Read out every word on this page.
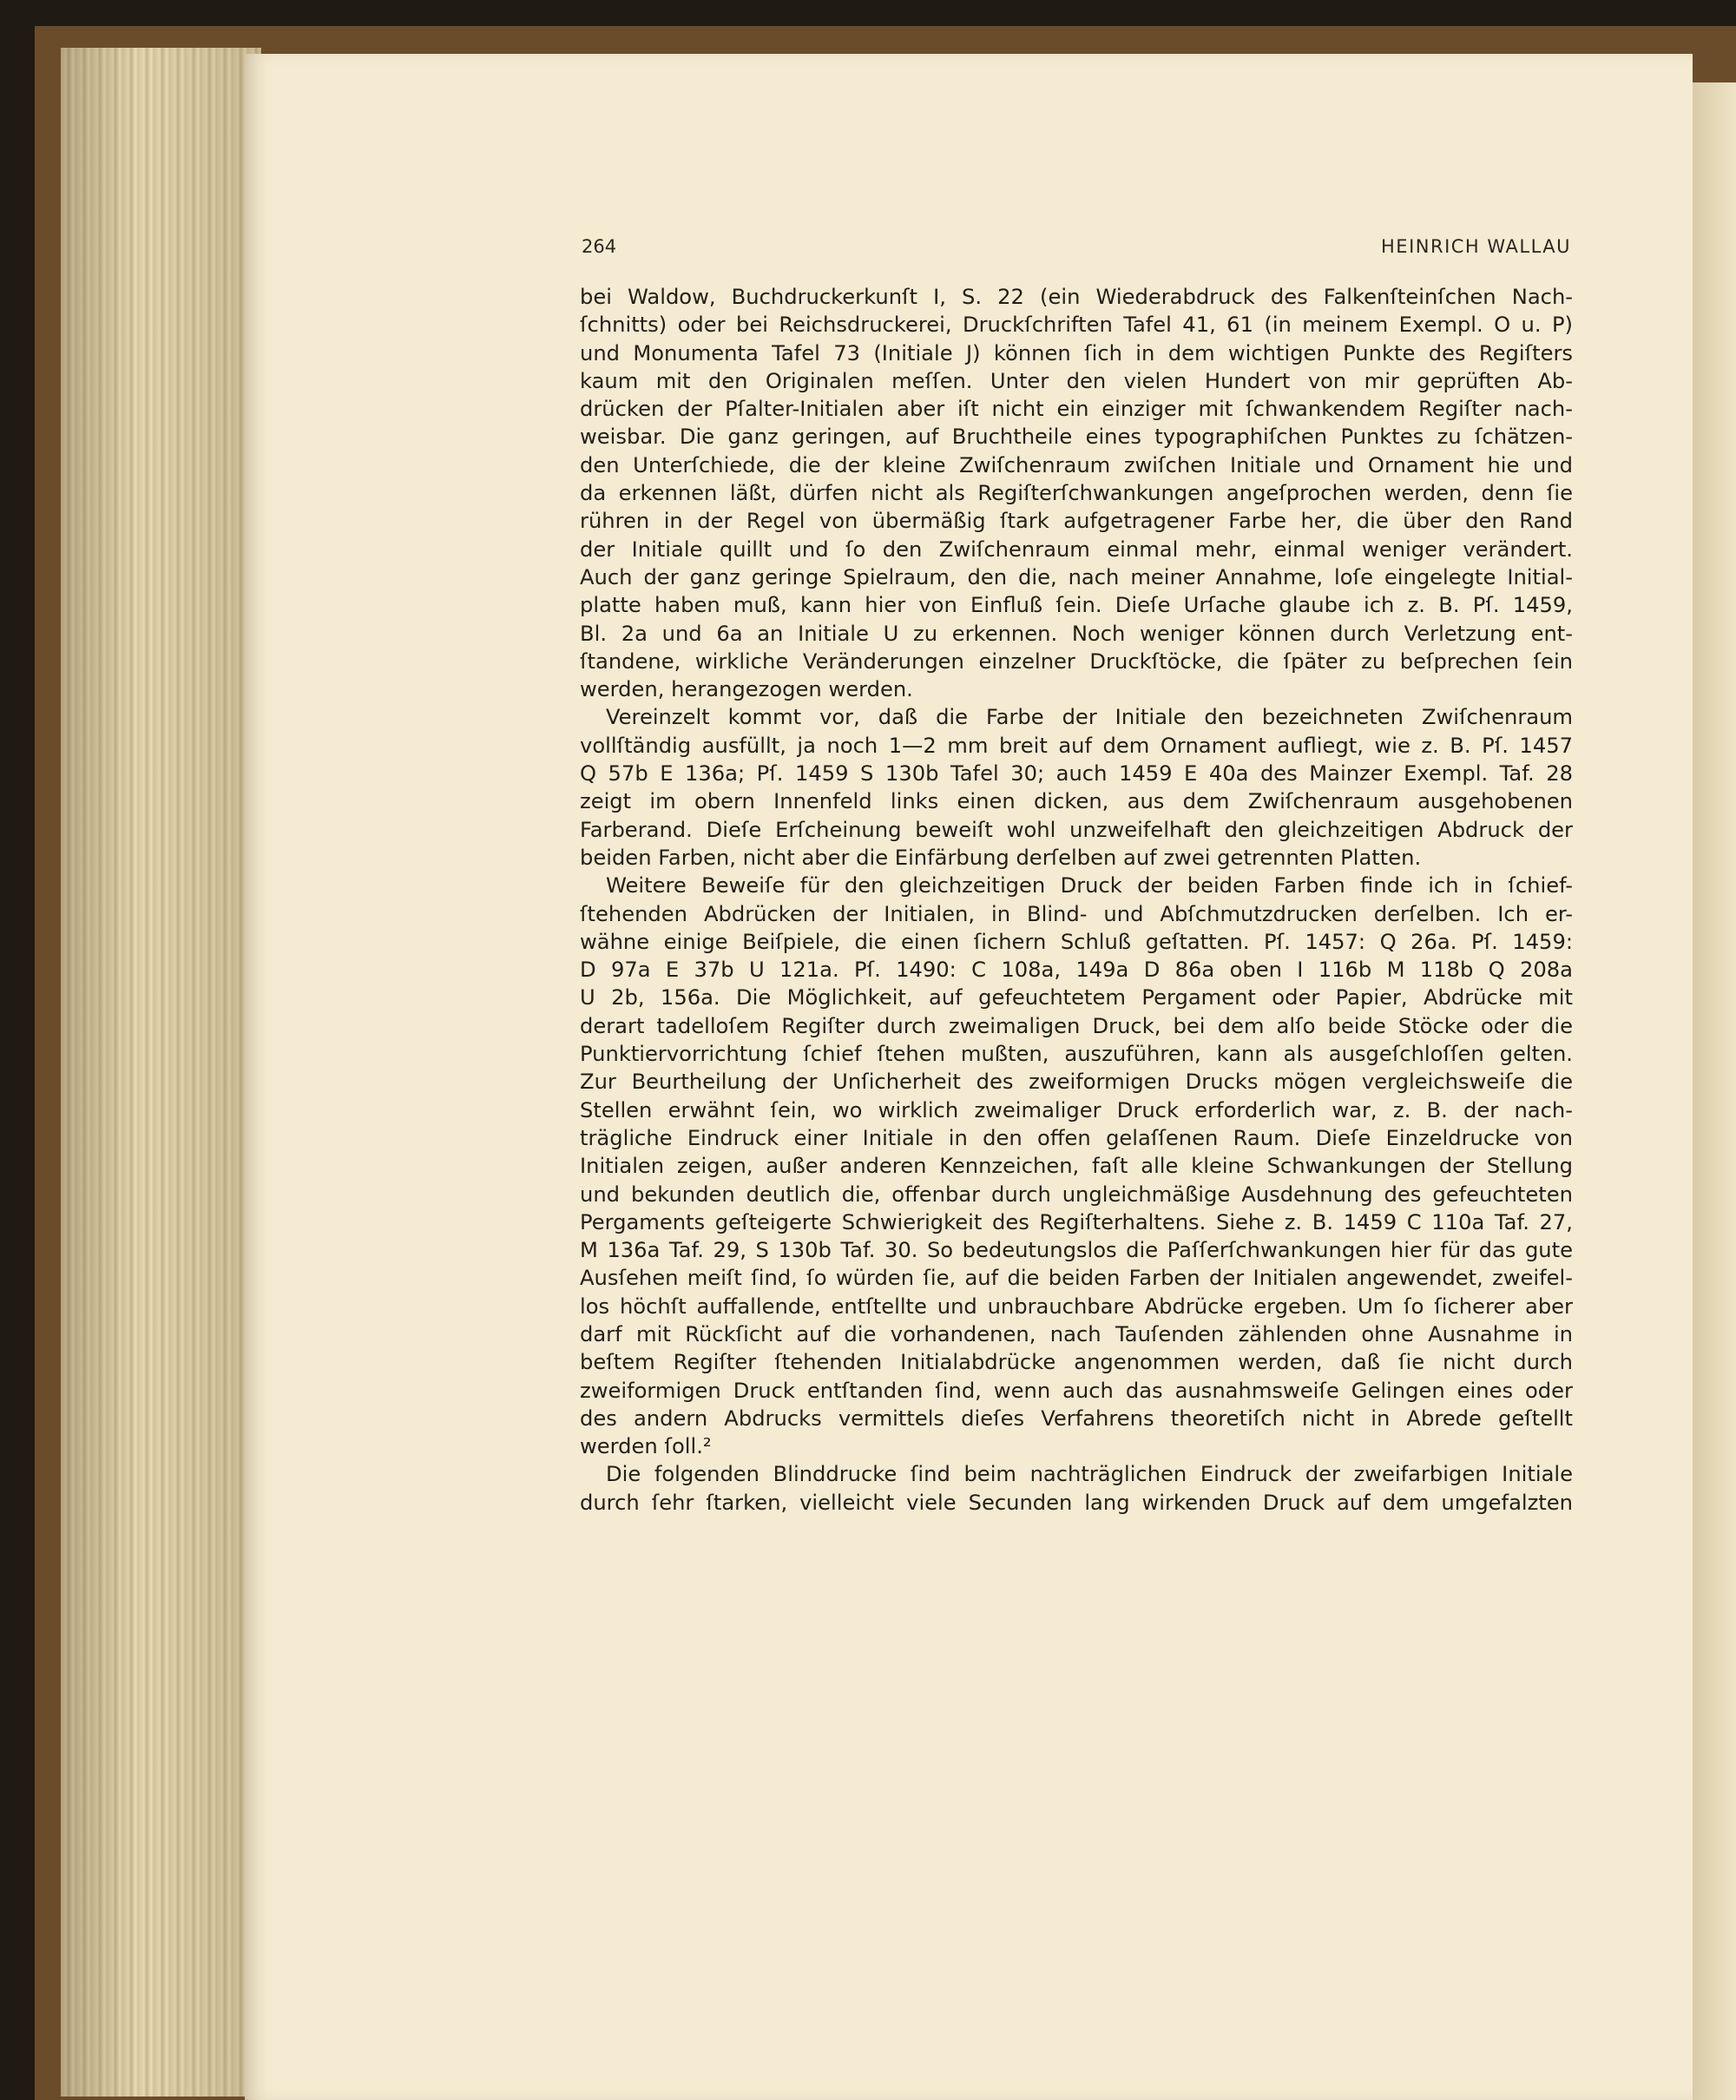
264	HEINRICH WALLAU
bei Waldow, Buchdruckerkunſt I, S. 22 (ein Wiederabdruck des Falkenſteinſchen Nach-
ſchnitts) oder bei Reichsdruckerei, Druckſchriften Tafel 41, 61 (in meinem Exempl. O u. P)
und Monumenta Tafel 73 (Initiale J) können ſich in dem wichtigen Punkte des Regiſters
kaum mit den Originalen meſſen. Unter den vielen Hundert von mir geprüften Ab-
drücken der Pſalter-Initialen aber iſt nicht ein einziger mit ſchwankendem Regiſter nach-
weisbar. Die ganz geringen, auf Bruchtheile eines typographiſchen Punktes zu ſchätzen-
den Unterſchiede, die der kleine Zwiſchenraum zwiſchen Initiale und Ornament hie und
da erkennen läßt, dürfen nicht als Regiſterſchwankungen angeſprochen werden, denn ſie
rühren in der Regel von übermäßig ſtark aufgetragener Farbe her, die über den Rand
der Initiale quillt und ſo den Zwiſchenraum einmal mehr, einmal weniger verändert.
Auch der ganz geringe Spielraum, den die, nach meiner Annahme, loſe eingelegte Initial-
platte haben muß, kann hier von Einfluß ſein. Dieſe Urſache glaube ich z. B. Pſ. 1459,
Bl. 2a und 6a an Initiale U zu erkennen. Noch weniger können durch Verletzung ent-
ſtandene, wirkliche Veränderungen einzelner Druckſtöcke, die ſpäter zu beſprechen ſein
werden, herangezogen werden.
Vereinzelt kommt vor, daß die Farbe der Initiale den bezeichneten Zwiſchenraum
vollſtändig ausfüllt, ja noch 1—2 mm breit auf dem Ornament aufliegt, wie z. B. Pſ. 1457
Q 57b E 136a; Pſ. 1459 S 130b Tafel 30; auch 1459 E 40a des Mainzer Exempl. Taf. 28
zeigt im obern Innenfeld links einen dicken, aus dem Zwiſchenraum ausgehobenen
Farberand. Dieſe Erſcheinung beweiſt wohl unzweifelhaft den gleichzeitigen Abdruck der
beiden Farben, nicht aber die Einfärbung derſelben auf zwei getrennten Platten.
Weitere Beweiſe für den gleichzeitigen Druck der beiden Farben finde ich in ſchief-
ſtehenden Abdrücken der Initialen, in Blind- und Abſchmutzdrucken derſelben. Ich er-
wähne einige Beiſpiele, die einen ſichern Schluß geſtatten. Pſ. 1457: Q 26a. Pſ. 1459:
D 97a E 37b U 121a. Pſ. 1490: C 108a, 149a D 86a oben I 116b M 118b Q 208a
U 2b, 156a. Die Möglichkeit, auf gefeuchtetem Pergament oder Papier, Abdrücke mit
derart tadelloſem Regiſter durch zweimaligen Druck, bei dem alſo beide Stöcke oder die
Punktiervorrichtung ſchief ſtehen mußten, auszuführen, kann als ausgeſchloſſen gelten.
Zur Beurtheilung der Unſicherheit des zweiformigen Drucks mögen vergleichsweiſe die
Stellen erwähnt ſein, wo wirklich zweimaliger Druck erforderlich war, z. B. der nach-
trägliche Eindruck einer Initiale in den offen gelaſſenen Raum. Dieſe Einzeldrucke von
Initialen zeigen, außer anderen Kennzeichen, faſt alle kleine Schwankungen der Stellung
und bekunden deutlich die, offenbar durch ungleichmäßige Ausdehnung des gefeuchteten
Pergaments geſteigerte Schwierigkeit des Regiſterhaltens. Siehe z. B. 1459 C 110a Taf. 27,
M 136a Taf. 29, S 130b Taf. 30. So bedeutungslos die Paſſerſchwankungen hier für das gute
Ausſehen meiſt ſind, ſo würden ſie, auf die beiden Farben der Initialen angewendet, zweifel-
los höchſt auffallende, entſtellte und unbrauchbare Abdrücke ergeben. Um ſo ſicherer aber
darf mit Rückſicht auf die vorhandenen, nach Tauſenden zählenden ohne Ausnahme in
beſtem Regiſter ſtehenden Initialabdrücke angenommen werden, daß ſie nicht durch
zweiformigen Druck entſtanden ſind, wenn auch das ausnahmsweiſe Gelingen eines oder
des andern Abdrucks vermittels dieſes Verfahrens theoretiſch nicht in Abrede geſtellt
werden ſoll.²
Die folgenden Blinddrucke ſind beim nachträglichen Eindruck der zweifarbigen Initiale
durch ſehr ſtarken, vielleicht viele Secunden lang wirkenden Druck auf dem umgefalzten
